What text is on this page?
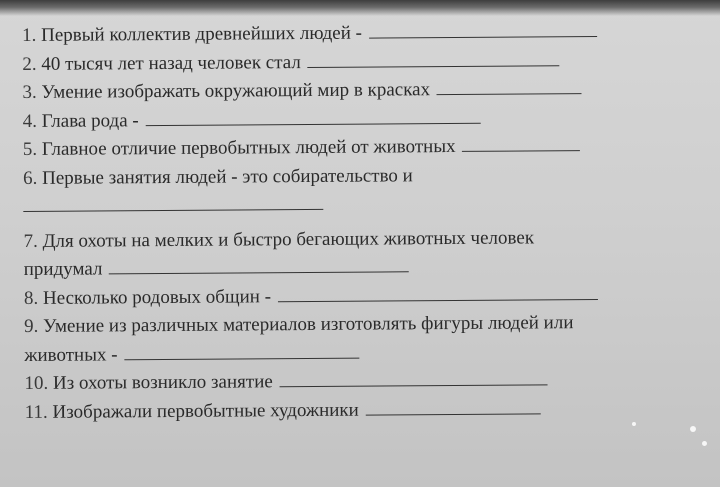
1. Первый коллектив древнейших людей -
2. 40 тысяч лет назад человек стал
3. Умение изображать окружающий мир в красках
4. Глава рода -
5. Главное отличие первобытных людей от животных
6. Первые занятия людей - это собирательство и
7. Для охоты на мелких и быстро бегающих животных человек
придумал
8. Несколько родовых общин -
9. Умение из различных материалов изготовлять фигуры людей или
животных -
10. Из охоты возникло занятие
11. Изображали первобытные художники
